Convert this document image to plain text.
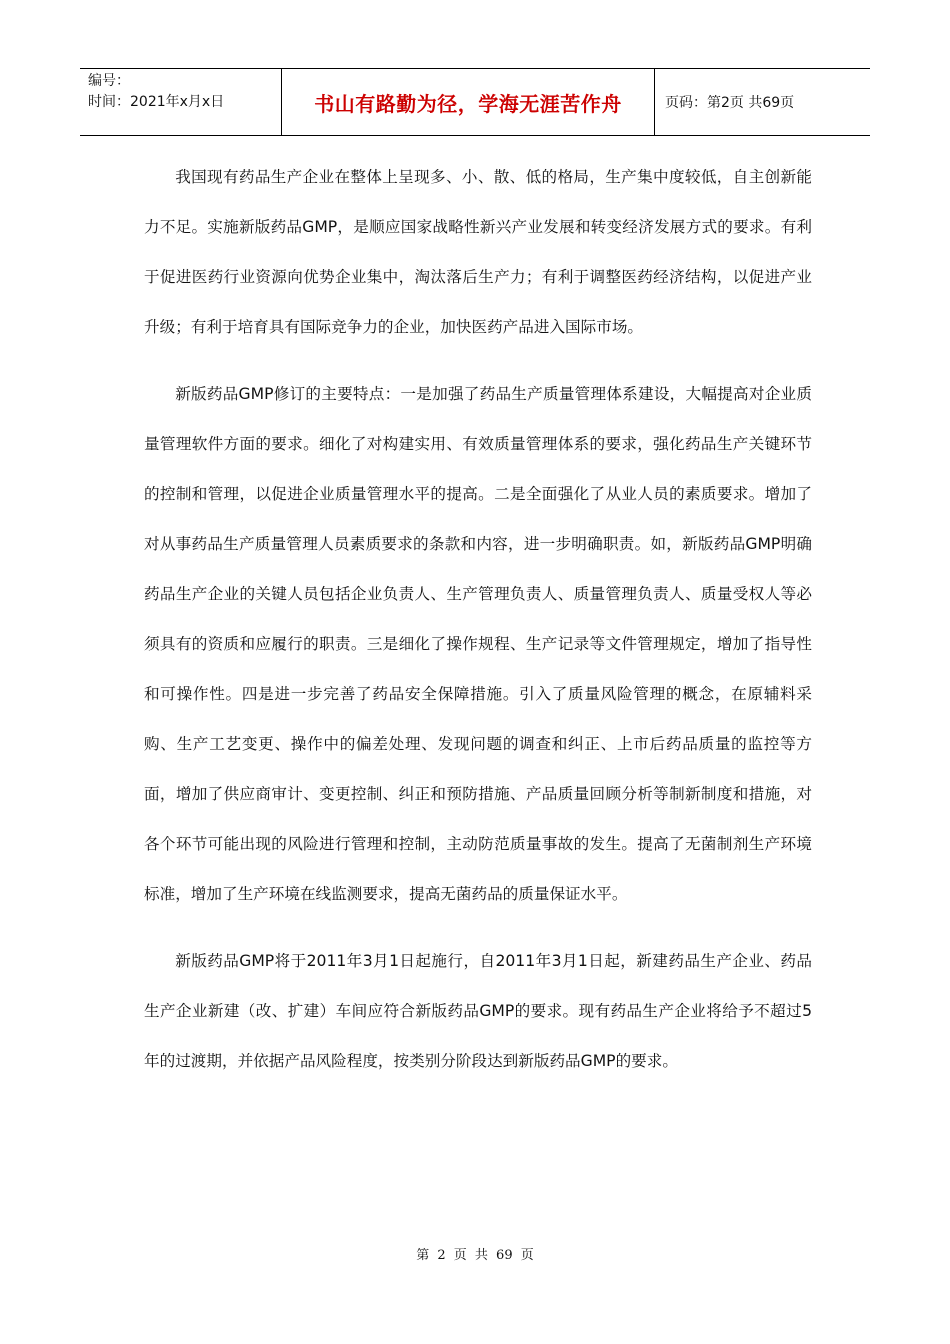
编号：
时间：2021年x月x日	书山有路勤为径，学海无涯苦作舟	页码：第2页 共69页

我国现有药品生产企业在整体上呈现多、小、散、低的格局，生产集中度较低，自主创新能力不足。实施新版药品GMP，是顺应国家战略性新兴产业发展和转变经济发展方式的要求。有利于促进医药行业资源向优势企业集中，淘汰落后生产力；有利于调整医药经济结构，以促进产业升级；有利于培育具有国际竞争力的企业，加快医药产品进入国际市场。

新版药品GMP修订的主要特点：一是加强了药品生产质量管理体系建设，大幅提高对企业质量管理软件方面的要求。细化了对构建实用、有效质量管理体系的要求，强化药品生产关键环节的控制和管理，以促进企业质量管理水平的提高。二是全面强化了从业人员的素质要求。增加了对从事药品生产质量管理人员素质要求的条款和内容，进一步明确职责。如，新版药品GMP明确药品生产企业的关键人员包括企业负责人、生产管理负责人、质量管理负责人、质量受权人等必须具有的资质和应履行的职责。三是细化了操作规程、生产记录等文件管理规定，增加了指导性和可操作性。四是进一步完善了药品安全保障措施。引入了质量风险管理的概念，在原辅料采购、生产工艺变更、操作中的偏差处理、发现问题的调查和纠正、上市后药品质量的监控等方面，增加了供应商审计、变更控制、纠正和预防措施、产品质量回顾分析等制新制度和措施，对各个环节可能出现的风险进行管理和控制，主动防范质量事故的发生。提高了无菌制剂生产环境标准，增加了生产环境在线监测要求，提高无菌药品的质量保证水平。

新版药品GMP将于2011年3月1日起施行，自2011年3月1日起，新建药品生产企业、药品生产企业新建（改、扩建）车间应符合新版药品GMP的要求。现有药品生产企业将给予不超过5年的过渡期，并依据产品风险程度，按类别分阶段达到新版药品GMP的要求。

第 2 页 共 69 页
